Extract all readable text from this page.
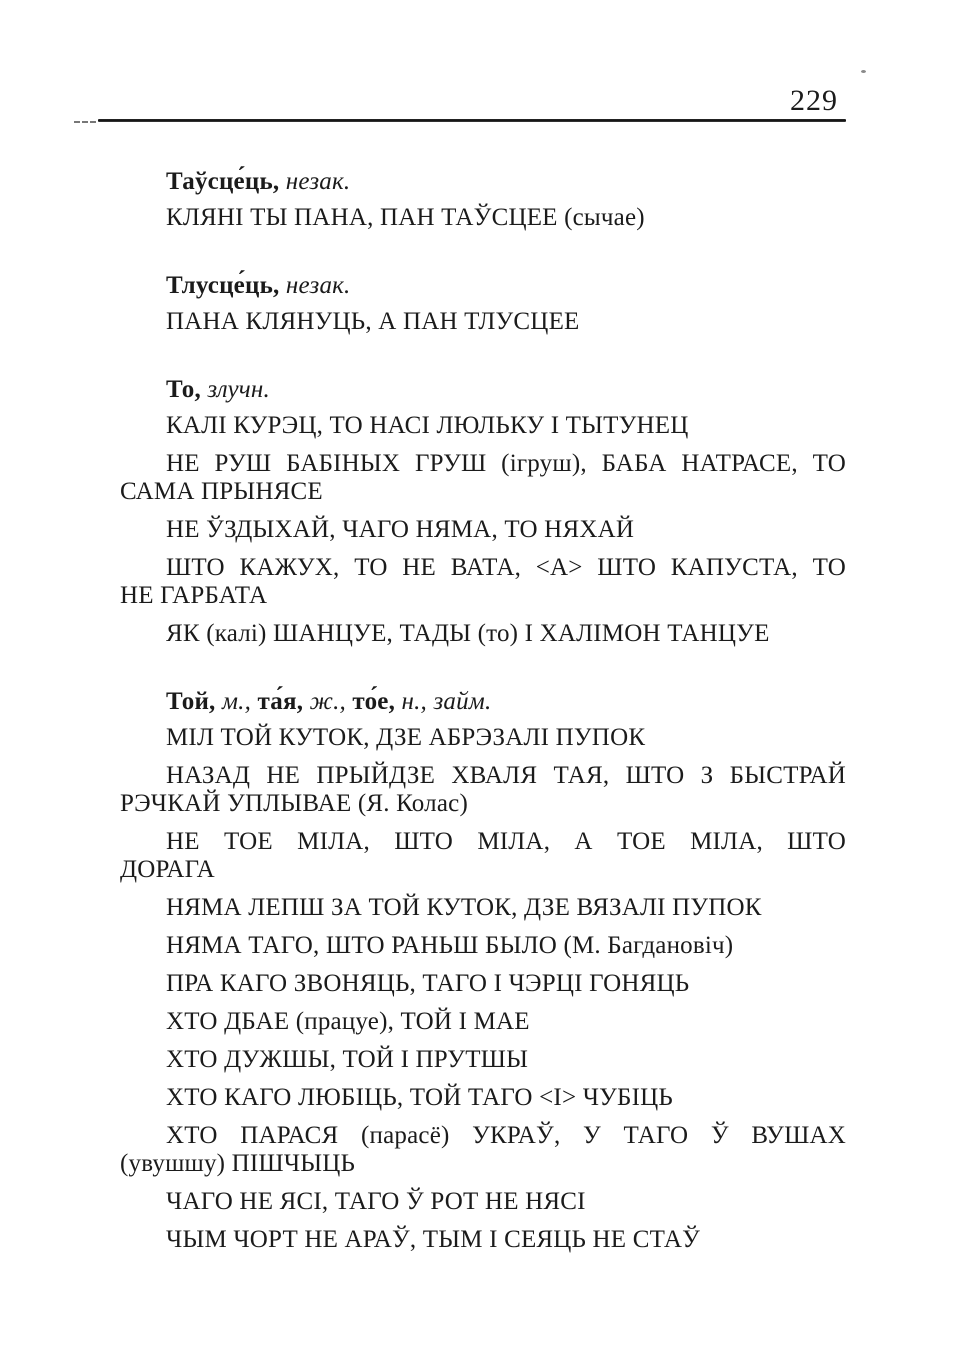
229
Таўсце́ць, незак.
КЛЯНІ ТЫ ПАНА, ПАН ТАЎСЦЕЕ (сычае)
Тлусце́ць, незак.
ПАНА КЛЯНУЦЬ, А ПАН ТЛУСЦЕЕ
То, злучн.
КАЛІ КУРЭЦ, ТО НАСІ ЛЮЛЬКУ І ТЫТУНЕЦ
НЕ РУШ БАБІНЫХ ГРУШ (ігруш), БАБА НАТРАСЕ, ТО
САМА ПРЫНЯСЕ
НЕ ЎЗДЫХАЙ, ЧАГО НЯМА, ТО НЯХАЙ
ШТО КАЖУХ, ТО НЕ ВАТА, <А> ШТО КАПУСТА, ТО
НЕ ГАРБАТА
ЯК (калі) ШАНЦУЕ, ТАДЫ (то) І ХАЛІМОН ТАНЦУЕ
Той, м., та́я, ж., то́е, н., займ.
МІЛ ТОЙ КУТОК, ДЗЕ АБРЭЗАЛІ ПУПОК
НАЗАД НЕ ПРЫЙДЗЕ ХВАЛЯ ТАЯ, ШТО З БЫСТРАЙ
РЭЧКАЙ УПЛЫВАЕ (Я. Колас)
НЕ ТОЕ МІЛА, ШТО МІЛА, А ТОЕ МІЛА, ШТО
ДОРАГА
НЯМА ЛЕПШ ЗА ТОЙ КУТОК, ДЗЕ ВЯЗАЛІ ПУПОК
НЯМА ТАГО, ШТО РАНЬШ БЫЛО (М. Багдановіч)
ПРА КАГО ЗВОНЯЦЬ, ТАГО І ЧЭРЦІ ГОНЯЦЬ
ХТО ДБАЕ (працуе), ТОЙ І МАЕ
ХТО ДУЖШЫ, ТОЙ І ПРУТШЫ
ХТО КАГО ЛЮБІЦЬ, ТОЙ ТАГО <І> ЧУБІЦЬ
ХТО ПАРАСЯ (парасё) УКРАЎ, У ТАГО Ў ВУШАХ
(увушшу) ПІШЧЫЦЬ
ЧАГО НЕ ЯСІ, ТАГО Ў РОТ НЕ НЯСІ
ЧЫМ ЧОРТ НЕ АРАЎ, ТЫМ І СЕЯЦЬ НЕ СТАЎ
